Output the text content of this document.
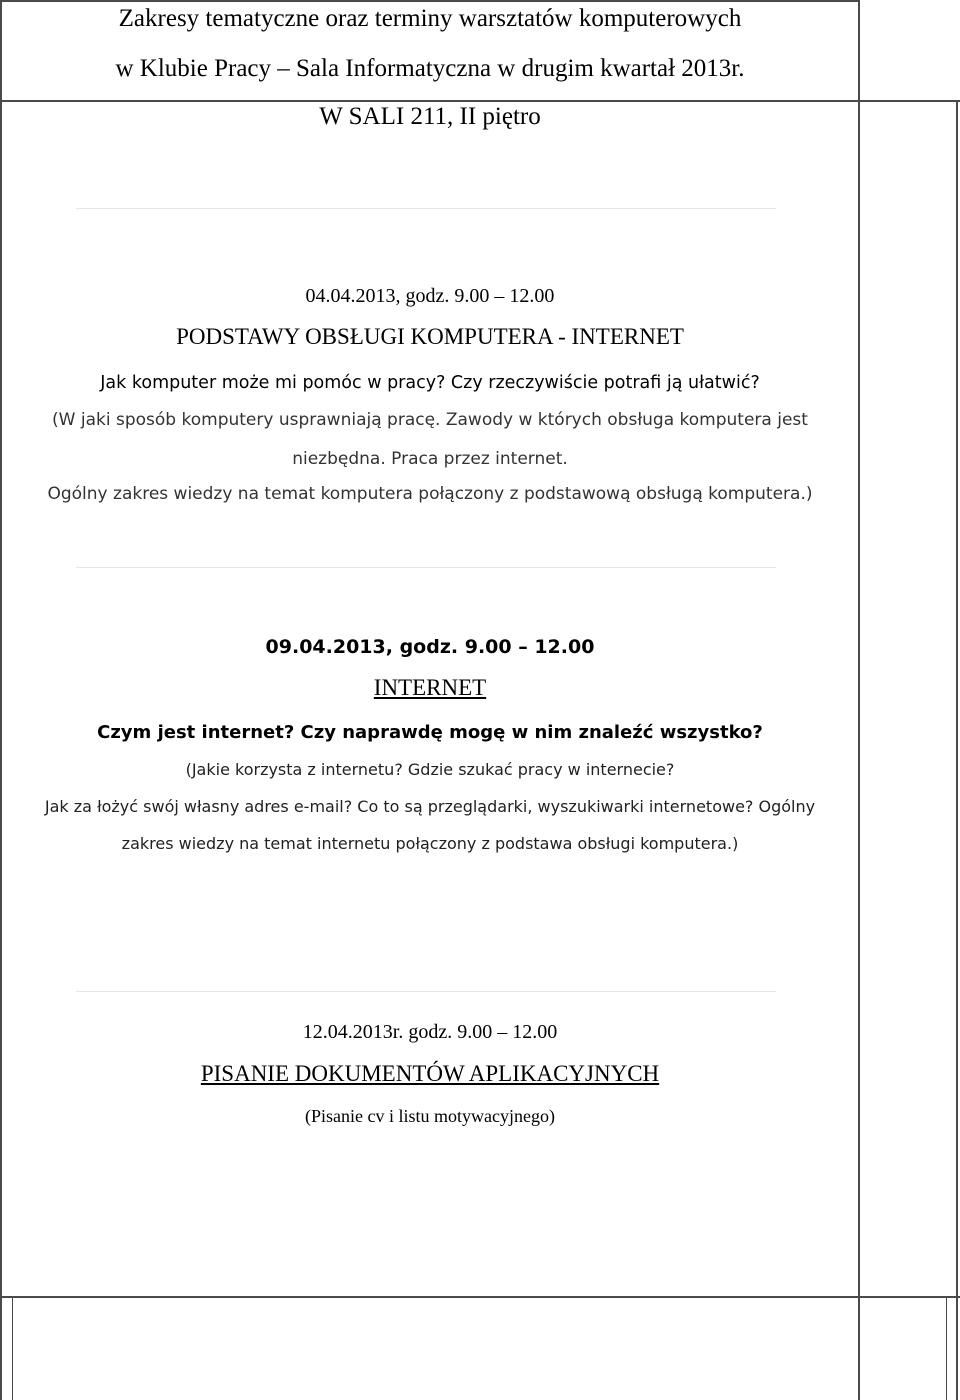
Zakresy tematyczne oraz terminy warsztatów komputerowych
w Klubie Pracy – Sala Informatyczna w drugim kwartał 2013r.
W SALI 211, II piętro
04.04.2013, godz. 9.00 – 12.00
PODSTAWY OBSŁUGI KOMPUTERA - INTERNET
Jak komputer może mi pomóc w pracy? Czy rzeczywiście potrafi ją ułatwić?
(W jaki sposób komputery usprawniają pracę. Zawody w których obsługa komputera jest
niezbędna. Praca przez internet.
Ogólny zakres wiedzy na temat komputera połączony z podstawową obsługą komputera.)
09.04.2013, godz. 9.00 – 12.00
INTERNET
Czym jest internet? Czy naprawdę mogę w nim znaleźć wszystko?
(Jakie korzysta z internetu? Gdzie szukać pracy w internecie?
Jak za łożyć swój własny adres e-mail? Co to są przeglądarki, wyszukiwarki internetowe? Ogólny
zakres wiedzy na temat internetu połączony z podstawa obsługi komputera.)
12.04.2013r. godz. 9.00 – 12.00
PISANIE DOKUMENTÓW APLIKACYJNYCH
(Pisanie cv i listu motywacyjnego)
